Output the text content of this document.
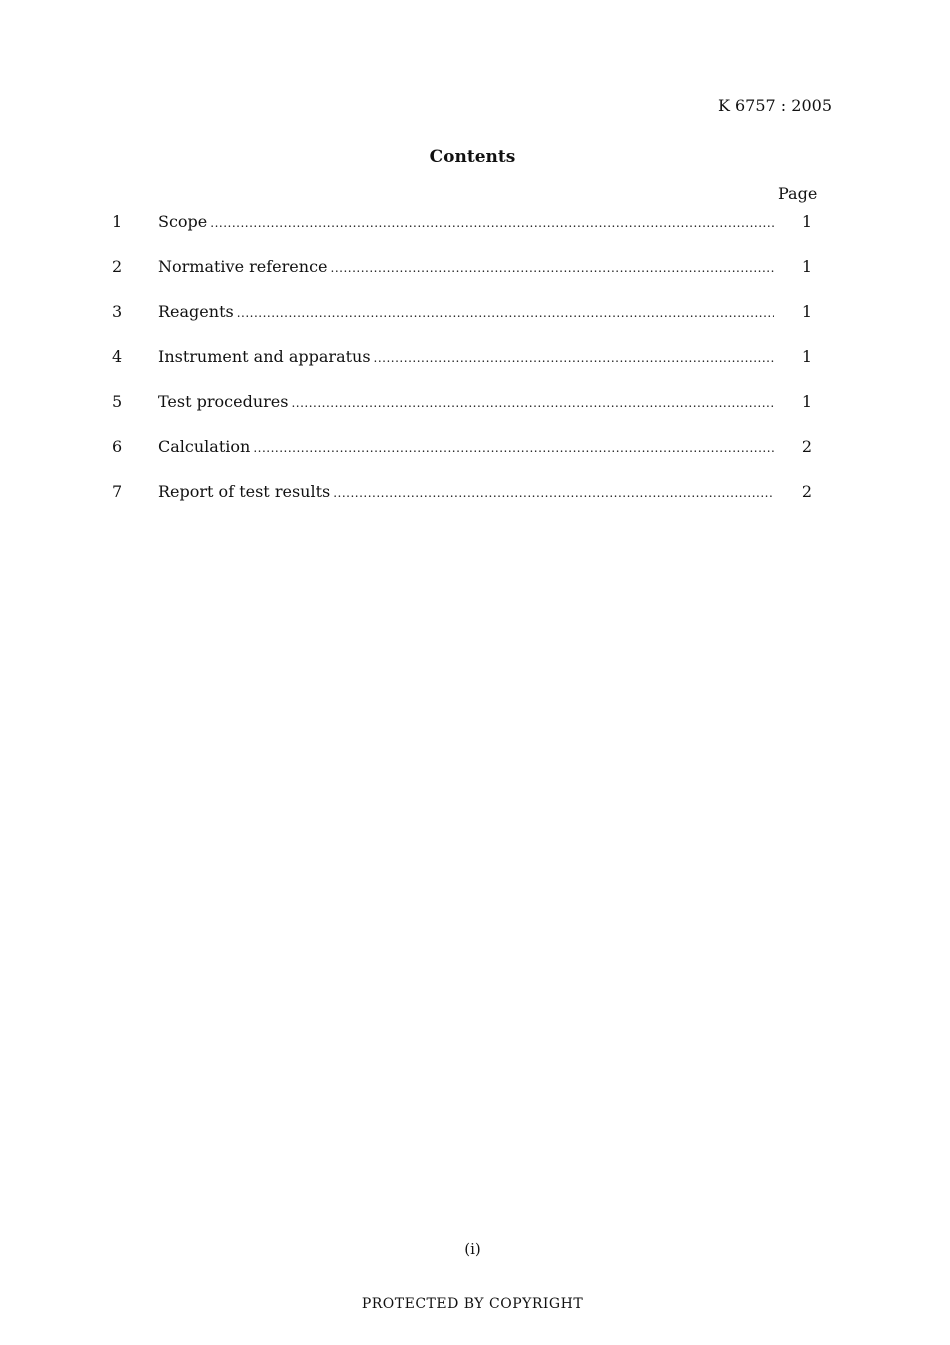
K 6757 : 2005
Contents
Page
1	Scope .....	1
2	Normative reference .....	1
3	Reagents .....	1
4	Instrument and apparatus .....	1
5	Test procedures .....	1
6	Calculation .....	2
7	Report of test results .....	2
(i)
PROTECTED BY COPYRIGHT
